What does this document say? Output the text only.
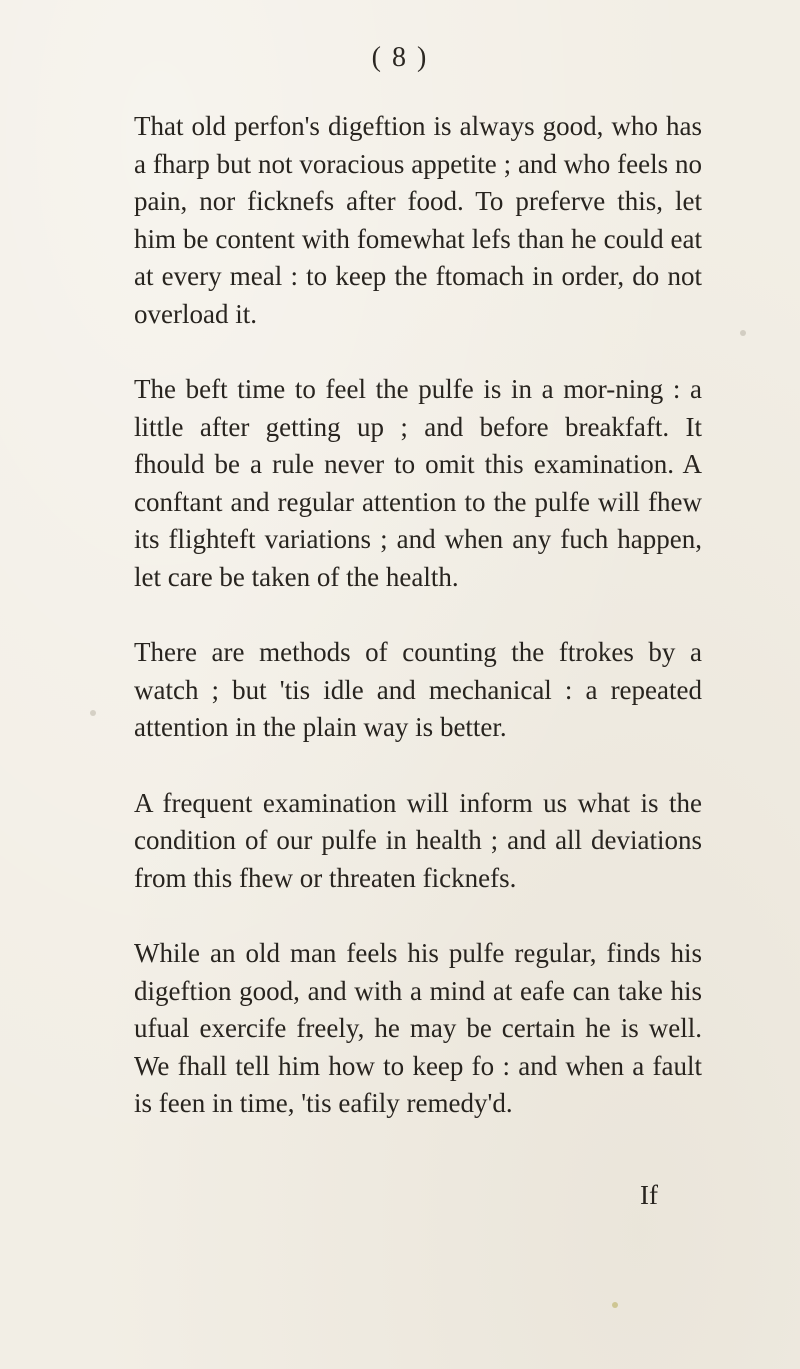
( 8 )

That old perfon's digeftion is always good, who has a fharp but not voracious appetite ; and who feels no pain, nor ficknefs after food. To preferve this, let him be content with fomewhat lefs than he could eat at every meal : to keep the ftomach in order, do not overload it.

The beft time to feel the pulfe is in a mor-ning : a little after getting up ; and before breakfaft. It fhould be a rule never to omit this examination. A conftant and regular attention to the pulfe will fhew its flighteft variations ; and when any fuch happen, let care be taken of the health.

There are methods of counting the ftrokes by a watch ; but 'tis idle and mechanical : a repeated attention in the plain way is better.

A frequent examination will inform us what is the condition of our pulfe in health ; and all deviations from this fhew or threaten ficknefs.

While an old man feels his pulfe regular, finds his digeftion good, and with a mind at eafe can take his ufual exercife freely, he may be certain he is well. We fhall tell him how to keep fo : and when a fault is feen in time, 'tis eafily remedy'd.

If
